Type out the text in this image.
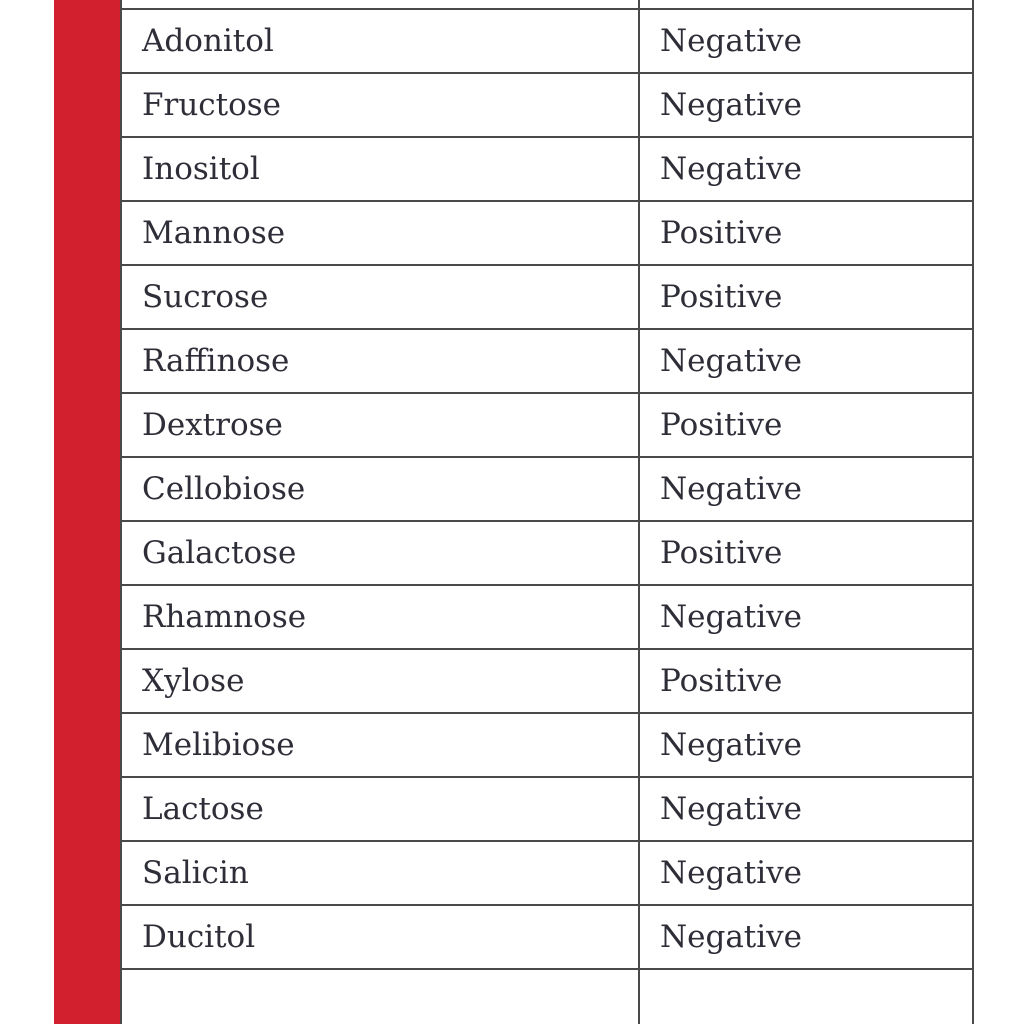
Adonitol	Negative
Fructose	Negative
Inositol	Negative
Mannose	Positive
Sucrose	Positive
Raffinose	Negative
Dextrose	Positive
Cellobiose	Negative
Galactose	Positive
Rhamnose	Negative
Xylose	Positive
Melibiose	Negative
Lactose	Negative
Salicin	Negative
Ducitol	Negative
